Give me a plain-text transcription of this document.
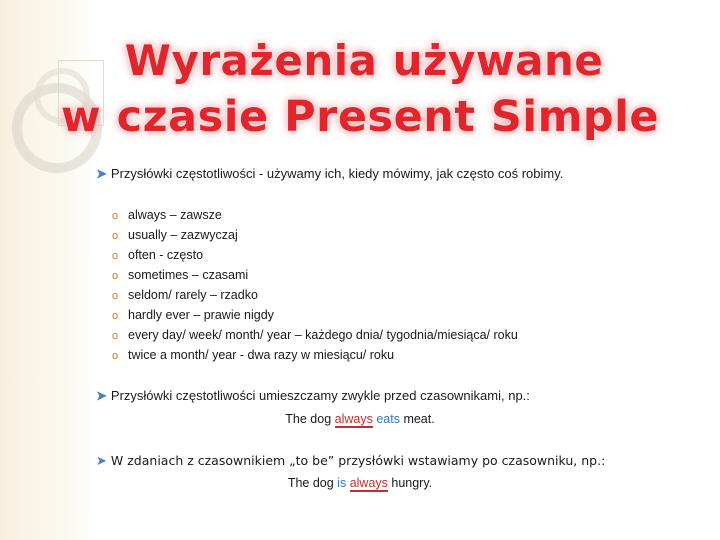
Wyrażenia używane
w czasie Present Simple
➤ Przysłówki częstotliwości - używamy ich, kiedy mówimy, jak często coś robimy.
o always – zawsze
o usually – zazwyczaj
o often - często
o sometimes – czasami
o seldom/ rarely – rzadko
o hardly ever – prawie nigdy
o every day/ week/ month/ year – każdego dnia/ tygodnia/miesiąca/ roku
o twice a month/ year - dwa razy w miesiącu/ roku
➤ Przysłówki częstotliwości umieszczamy zwykle przed czasownikami, np.:
The dog always eats meat.
➤ W zdaniach z czasownikiem „to be” przysłówki wstawiamy po czasowniku, np.:
The dog is always hungry.
